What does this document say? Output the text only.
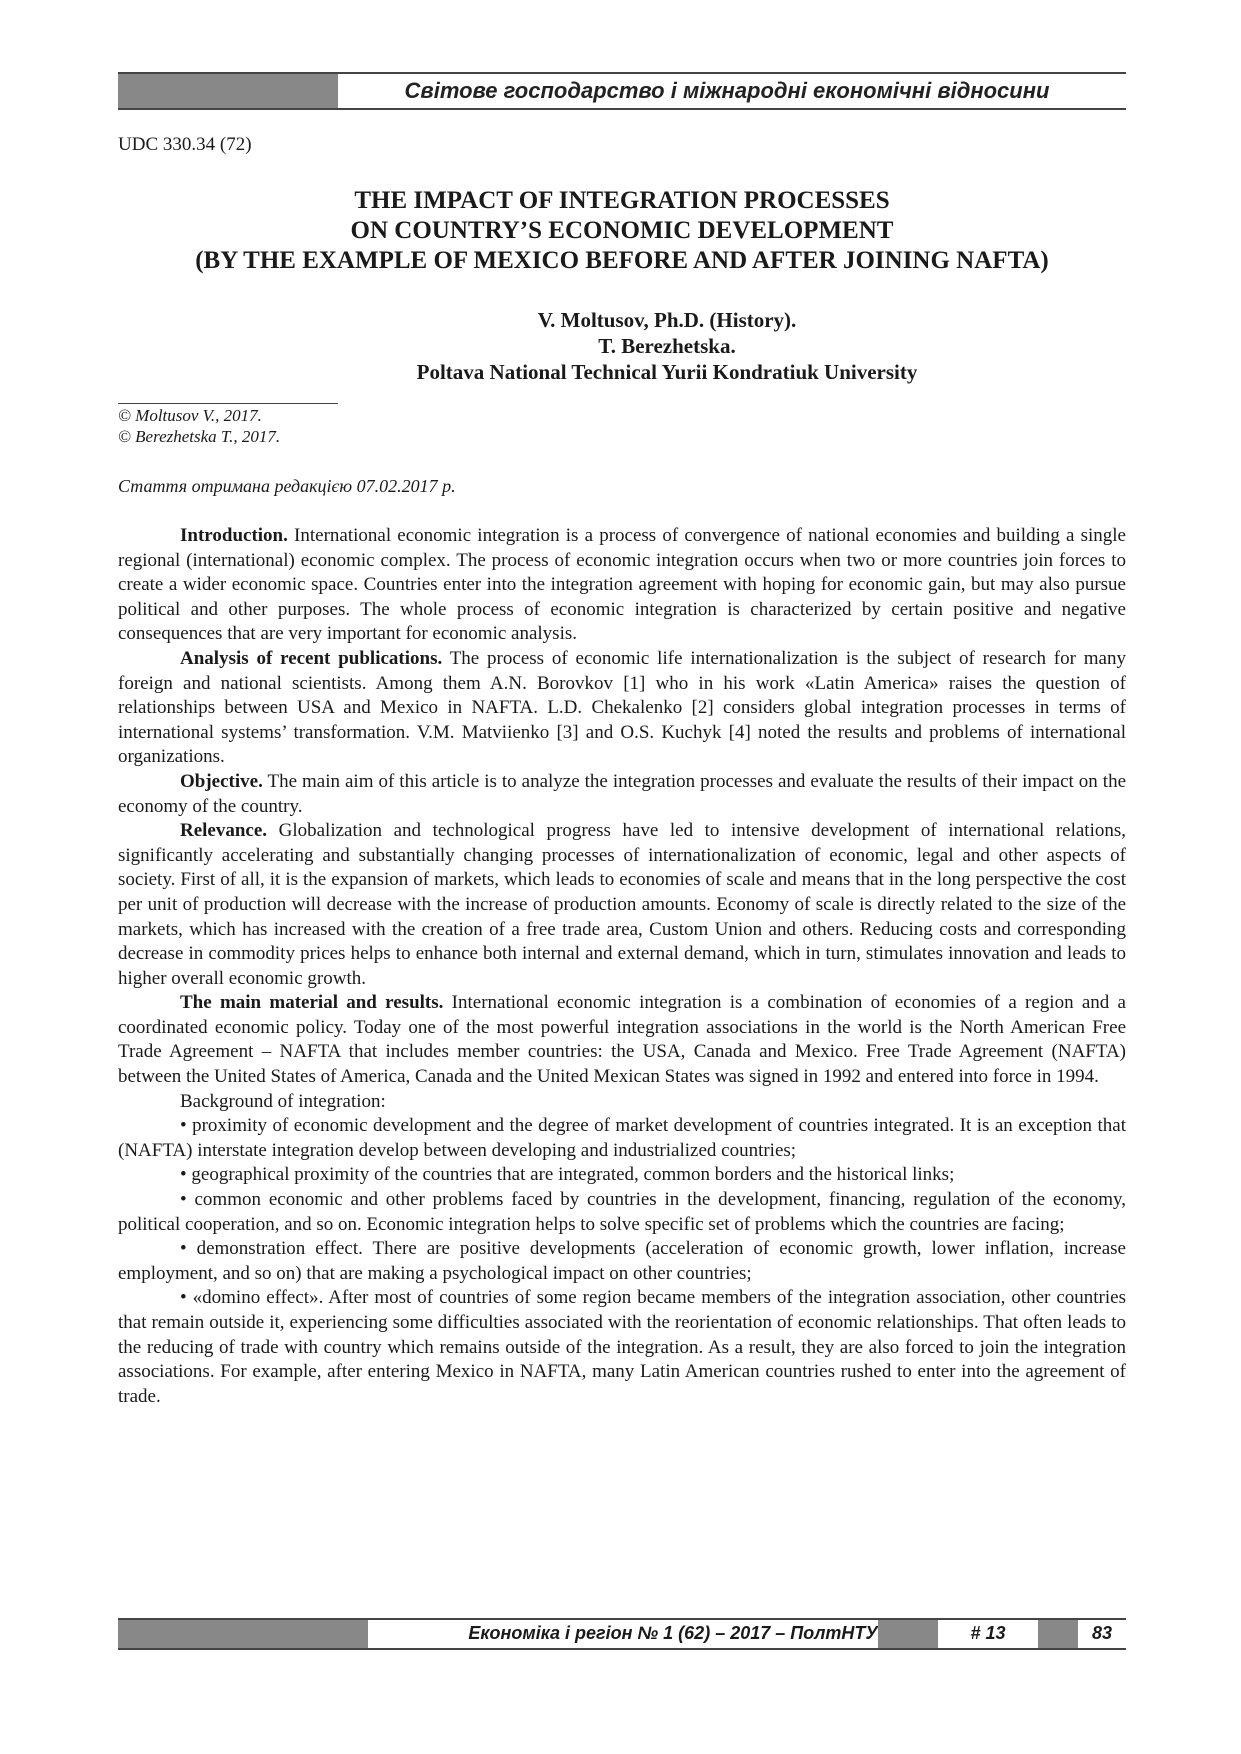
Світове господарство і міжнародні економічні відносини
UDC 330.34 (72)
THE IMPACT OF INTEGRATION PROCESSES
ON COUNTRY’S ECONOMIC DEVELOPMENT
(BY THE EXAMPLE OF MEXICO BEFORE AND AFTER JOINING NAFTA)
V. Moltusov, Ph.D. (History).
T. Berezhetska.
Poltava National Technical Yurii Kondratiuk University
© Moltusov V., 2017.
© Berezhetska T., 2017.
Стаття отримана редакцією 07.02.2017 р.

Introduction. International economic integration is a process of convergence of national economies and building a single regional (international) economic complex. The process of economic integration occurs when two or more countries join forces to create a wider economic space. Countries enter into the integration agreement with hoping for economic gain, but may also pursue political and other purposes. The whole process of economic integration is characterized by certain positive and negative consequences that are very important for economic analysis.

Analysis of recent publications. The process of economic life internationalization is the subject of research for many foreign and national scientists. Among them A.N. Borovkov [1] who in his work «Latin America» raises the question of relationships between USA and Mexico in NAFTA. L.D. Chekalenko [2] considers global integration processes in terms of international systems’ transformation. V.M. Matviienko [3] and O.S. Kuchyk [4] noted the results and problems of international organizations.

Objective. The main aim of this article is to analyze the integration processes and evaluate the results of their impact on the economy of the country.

Relevance. Globalization and technological progress have led to intensive development of international relations, significantly accelerating and substantially changing processes of internationalization of economic, legal and other aspects of society. First of all, it is the expansion of markets, which leads to economies of scale and means that in the long perspective the cost per unit of production will decrease with the increase of production amounts. Economy of scale is directly related to the size of the markets, which has increased with the creation of a free trade area, Custom Union and others. Reducing costs and corresponding decrease in commodity prices helps to enhance both internal and external demand, which in turn, stimulates innovation and leads to higher overall economic growth.

The main material and results. International economic integration is a combination of economies of a region and a coordinated economic policy. Today one of the most powerful integration associations in the world is the North American Free Trade Agreement – NAFTA that includes member countries: the USA, Canada and Mexico. Free Trade Agreement (NAFTA) between the United States of America, Canada and the United Mexican States was signed in 1992 and entered into force in 1994.

Background of integration:

• proximity of economic development and the degree of market development of countries integrated. It is an exception that (NAFTA) interstate integration develop between developing and industrialized countries;

• geographical proximity of the countries that are integrated, common borders and the historical links;

• common economic and other problems faced by countries in the development, financing, regulation of the economy, political cooperation, and so on. Economic integration helps to solve specific set of problems which the countries are facing;

• demonstration effect. There are positive developments (acceleration of economic growth, lower inflation, increase employment, and so on) that are making a psychological impact on other countries;

• «domino effect». After most of countries of some region became members of the integration association, other countries that remain outside it, experiencing some difficulties associated with the reorientation of economic relationships. That often leads to the reducing of trade with country which remains outside of the integration. As a result, they are also forced to join the integration associations. For example, after entering Mexico in NAFTA, many Latin American countries rushed to enter into the agreement of trade.

Економіка і регіон № 1 (62) – 2017 – ПолтНТУ	# 13	83
